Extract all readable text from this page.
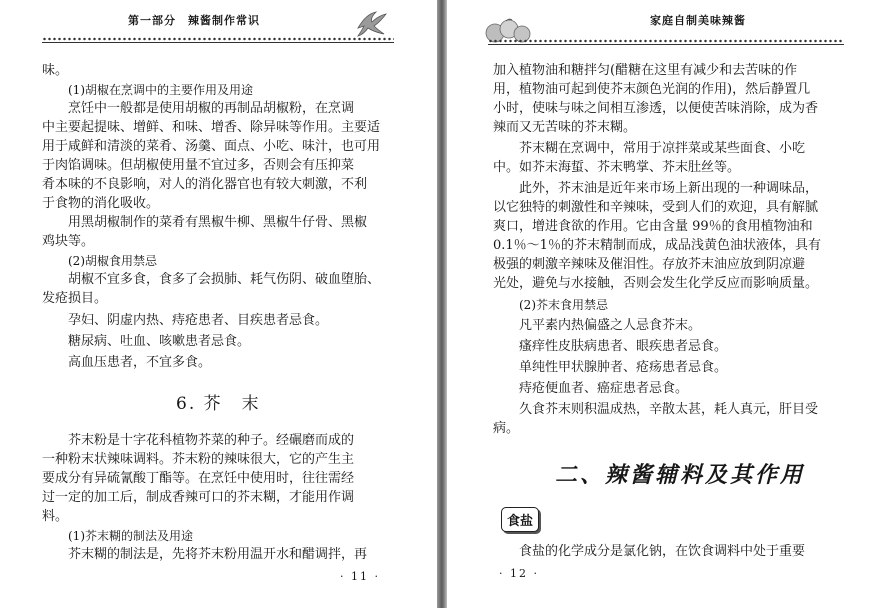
第一部分　辣酱制作常识
味。
(1)胡椒在烹调中的主要作用及用途
烹饪中一般都是使用胡椒的再制品胡椒粉，在烹调
中主要起提味、增鲜、和味、增香、除异味等作用。主要适
用于咸鲜和清淡的菜肴、汤羹、面点、小吃、味汁，也可用
于肉馅调味。但胡椒使用量不宜过多，否则会有压抑菜
肴本味的不良影响，对人的消化器官也有较大刺激，不利
于食物的消化吸收。
用黑胡椒制作的菜肴有黑椒牛柳、黑椒牛仔骨、黑椒
鸡块等。
(2)胡椒食用禁忌
胡椒不宜多食，食多了会损肺、耗气伤阴、破血堕胎、
发疮损目。
孕妇、阴虚内热、痔疮患者、目疾患者忌食。
糖尿病、吐血、咳嗽患者忌食。
高血压患者，不宜多食。
6. 芥　末
芥末粉是十字花科植物芥菜的种子。经碾磨而成的
一种粉末状辣味调料。芥末粉的辣味很大，它的产生主
要成分有异硫氰酸丁酯等。在烹饪中使用时，往往需经
过一定的加工后，制成香辣可口的芥末糊，才能用作调
料。
(1)芥末糊的制法及用途
芥末糊的制法是，先将芥末粉用温开水和醋调拌，再
· 11 ·
家庭自制美味辣酱
加入植物油和糖拌匀(醋糖在这里有减少和去苦味的作
用，植物油可起到使芥末颜色光润的作用)，然后静置几
小时，使味与味之间相互渗透，以便使苦味消除，成为香
辣而又无苦味的芥末糊。
芥末糊在烹调中，常用于凉拌菜或某些面食、小吃
中。如芥末海蜇、芥末鸭掌、芥末肚丝等。
此外，芥末油是近年来市场上新出现的一种调味品，
以它独特的刺激性和辛辣味，受到人们的欢迎，具有解腻
爽口，增进食欲的作用。它由含量 99％的食用植物油和
0.1％～1％的芥末精制而成，成品浅黄色油状液体，具有
极强的刺激辛辣味及催泪性。存放芥末油应放到阴凉避
光处，避免与水接触，否则会发生化学反应而影响质量。
(2)芥末食用禁忌
凡平素内热偏盛之人忌食芥末。
瘙痒性皮肤病患者、眼疾患者忌食。
单纯性甲状腺肿者、疮疡患者忌食。
痔疮便血者、癌症患者忌食。
久食芥末则积温成热，辛散太甚，耗人真元，肝目受
病。
二、辣酱辅料及其作用
食盐
食盐的化学成分是氯化钠，在饮食调料中处于重要
· 12 ·
